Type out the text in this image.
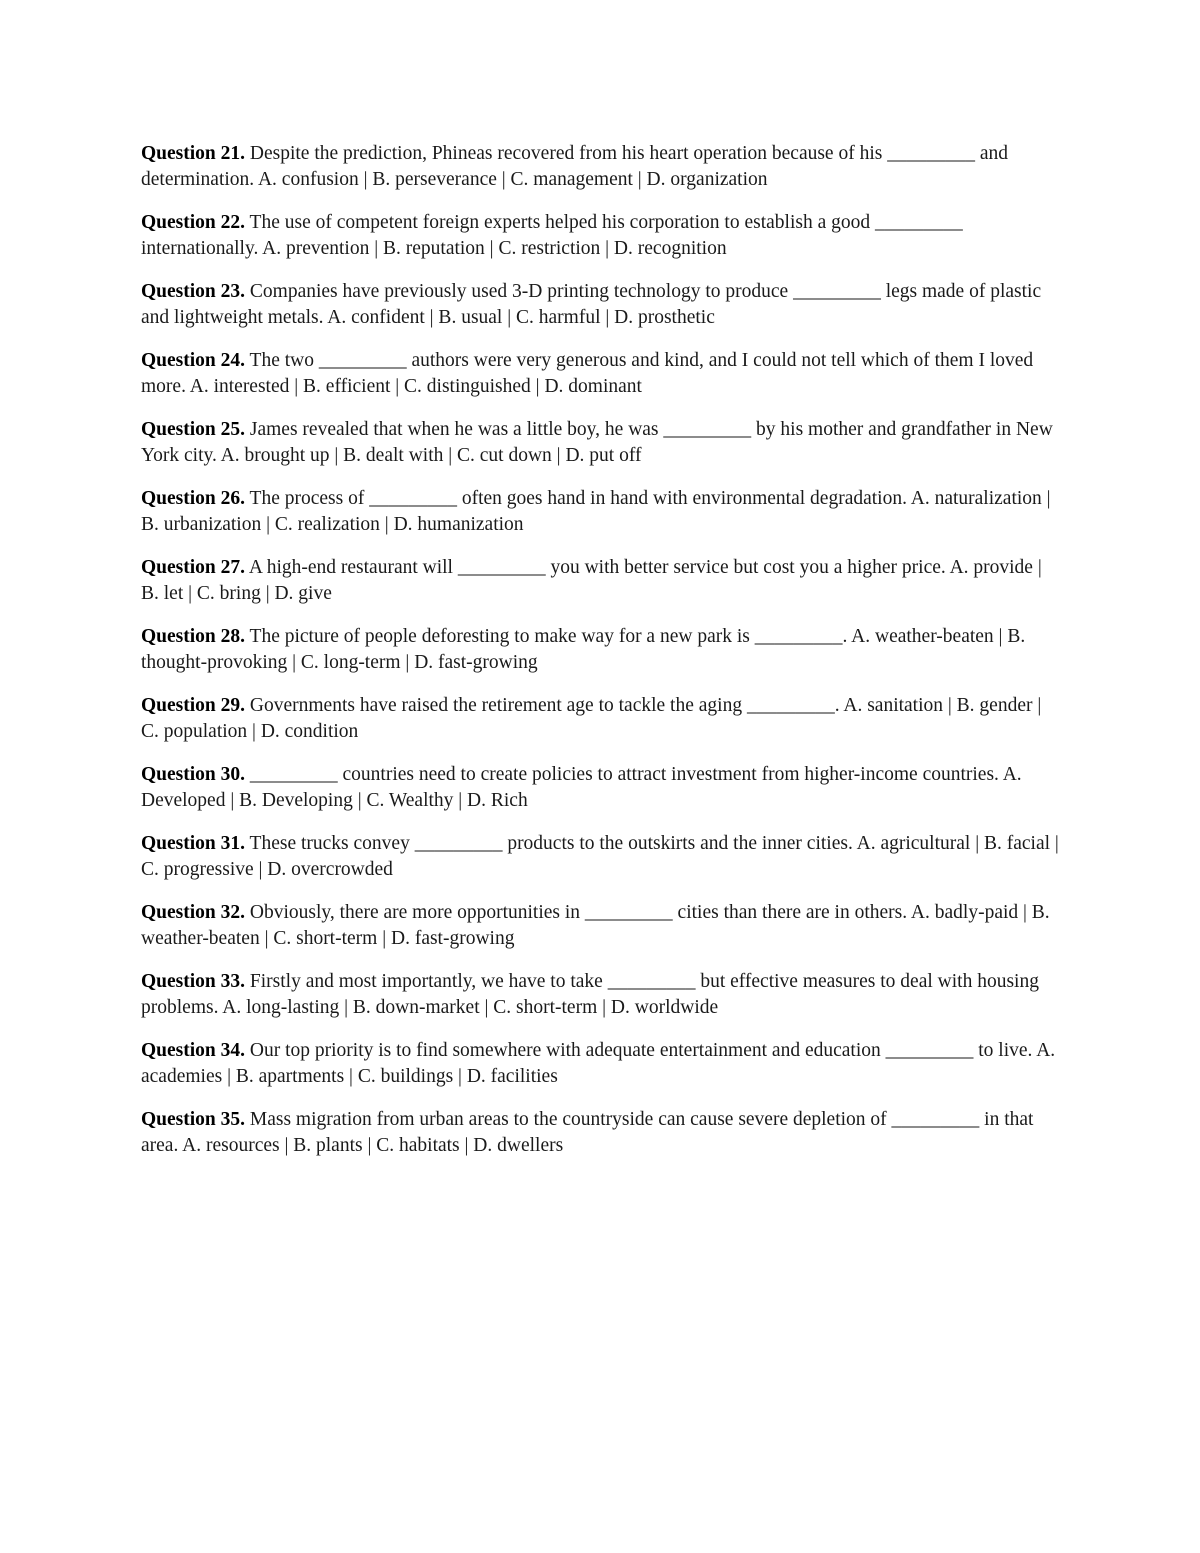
Question 21. Despite the prediction, Phineas recovered from his heart operation because of his _________ and determination. A. confusion | B. perseverance | C. management | D. organization

Question 22. The use of competent foreign experts helped his corporation to establish a good _________ internationally. A. prevention | B. reputation | C. restriction | D. recognition

Question 23. Companies have previously used 3-D printing technology to produce _________ legs made of plastic and lightweight metals. A. confident | B. usual | C. harmful | D. prosthetic

Question 24. The two _________ authors were very generous and kind, and I could not tell which of them I loved more. A. interested | B. efficient | C. distinguished | D. dominant

Question 25. James revealed that when he was a little boy, he was _________ by his mother and grandfather in New York city. A. brought up | B. dealt with | C. cut down | D. put off

Question 26. The process of _________ often goes hand in hand with environmental degradation. A. naturalization | B. urbanization | C. realization | D. humanization

Question 27. A high-end restaurant will _________ you with better service but cost you a higher price. A. provide | B. let | C. bring | D. give

Question 28. The picture of people deforesting to make way for a new park is _________. A. weather-beaten | B. thought-provoking | C. long-term | D. fast-growing

Question 29. Governments have raised the retirement age to tackle the aging _________. A. sanitation | B. gender | C. population | D. condition

Question 30. _________ countries need to create policies to attract investment from higher-income countries. A. Developed | B. Developing | C. Wealthy | D. Rich

Question 31. These trucks convey _________ products to the outskirts and the inner cities. A. agricultural | B. facial | C. progressive | D. overcrowded

Question 32. Obviously, there are more opportunities in _________ cities than there are in others. A. badly-paid | B. weather-beaten | C. short-term | D. fast-growing

Question 33. Firstly and most importantly, we have to take _________ but effective measures to deal with housing problems. A. long-lasting | B. down-market | C. short-term | D. worldwide

Question 34. Our top priority is to find somewhere with adequate entertainment and education _________ to live. A. academies | B. apartments | C. buildings | D. facilities

Question 35. Mass migration from urban areas to the countryside can cause severe depletion of _________ in that area. A. resources | B. plants | C. habitats | D. dwellers
